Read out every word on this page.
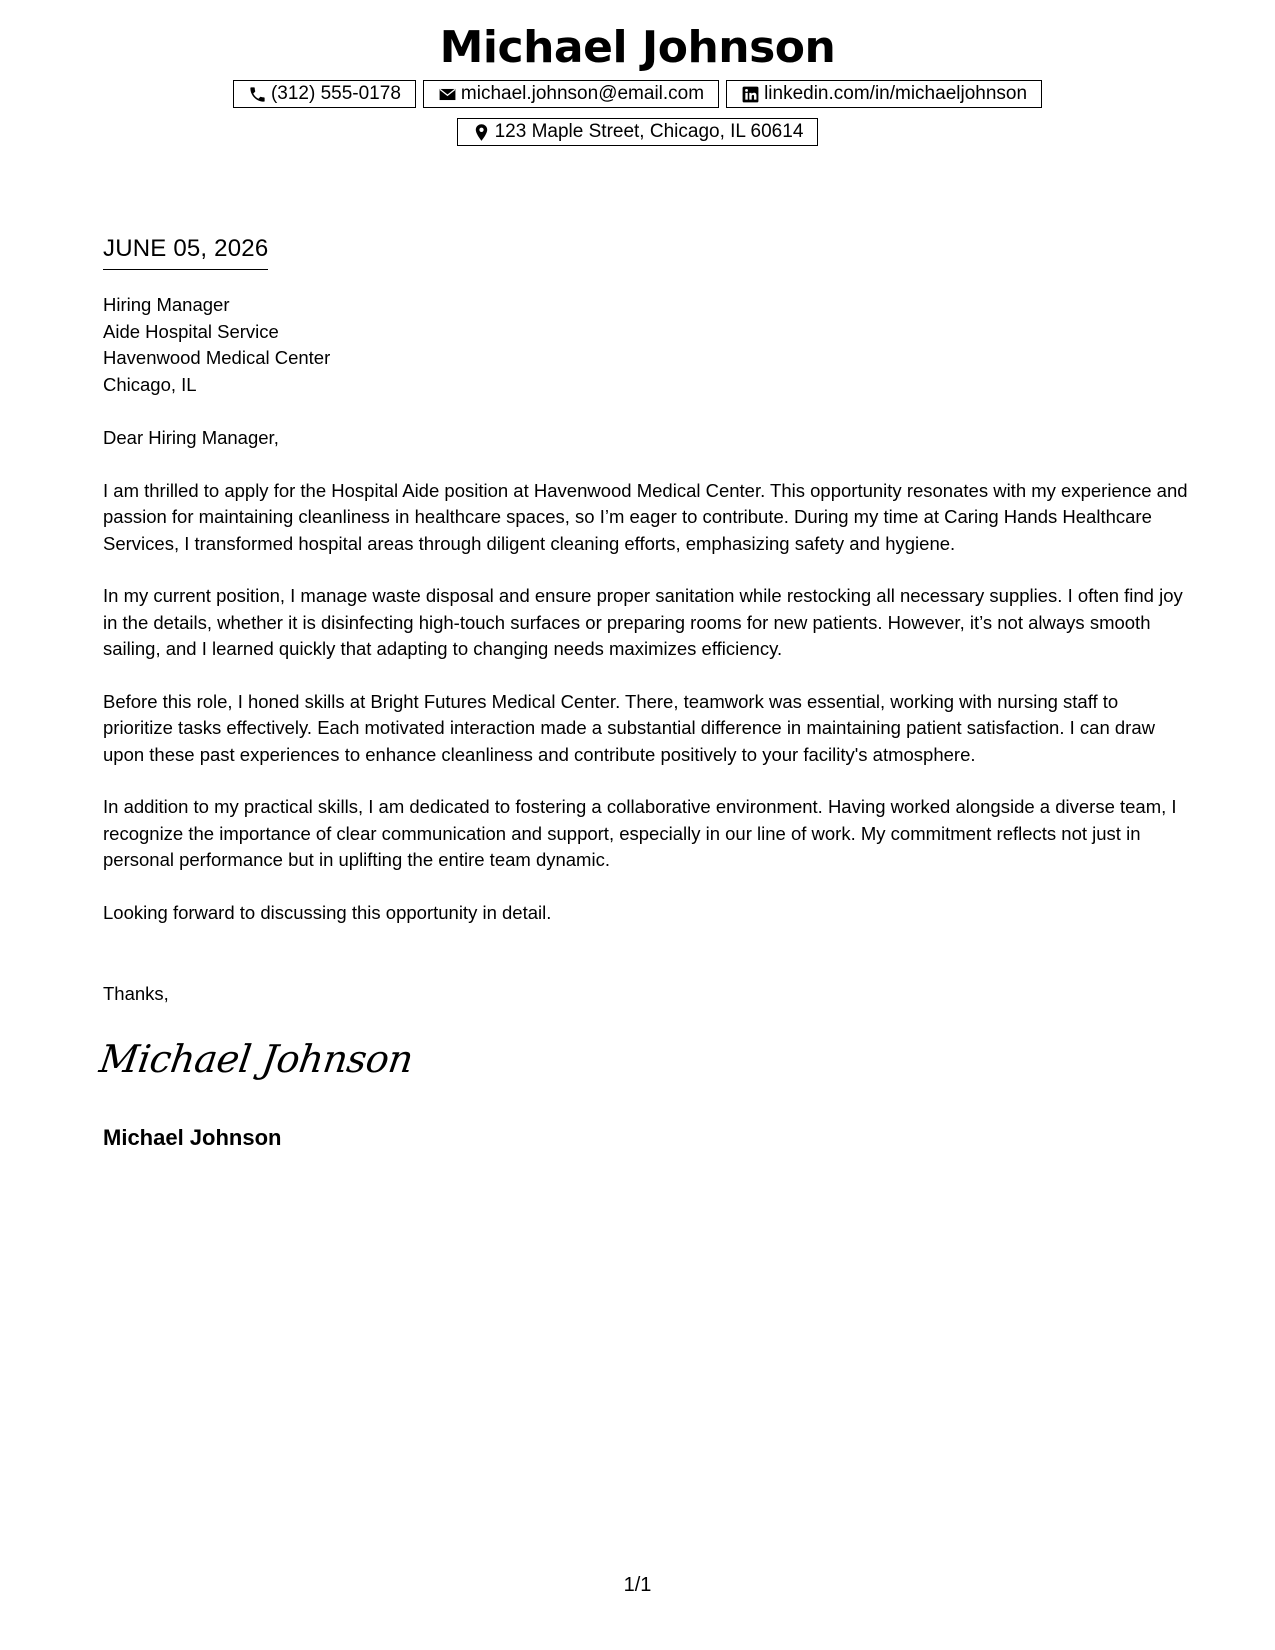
Michael Johnson
(312) 555-0178	michael.johnson@email.com	linkedin.com/in/michaeljohnson
123 Maple Street, Chicago, IL 60614
JUNE 05, 2026
Hiring Manager
Aide Hospital Service
Havenwood Medical Center
Chicago, IL
Dear Hiring Manager,

I am thrilled to apply for the Hospital Aide position at Havenwood Medical Center. This opportunity resonates with my experience and passion for maintaining cleanliness in healthcare spaces, so I’m eager to contribute. During my time at Caring Hands Healthcare Services, I transformed hospital areas through diligent cleaning efforts, emphasizing safety and hygiene.

In my current position, I manage waste disposal and ensure proper sanitation while restocking all necessary supplies. I often find joy in the details, whether it is disinfecting high-touch surfaces or preparing rooms for new patients. However, it’s not always smooth sailing, and I learned quickly that adapting to changing needs maximizes efficiency.

Before this role, I honed skills at Bright Futures Medical Center. There, teamwork was essential, working with nursing staff to prioritize tasks effectively. Each motivated interaction made a substantial difference in maintaining patient satisfaction. I can draw upon these past experiences to enhance cleanliness and contribute positively to your facility's atmosphere.

In addition to my practical skills, I am dedicated to fostering a collaborative environment. Having worked alongside a diverse team, I recognize the importance of clear communication and support, especially in our line of work. My commitment reflects not just in personal performance but in uplifting the entire team dynamic.

Looking forward to discussing this opportunity in detail.

Thanks,
Michael Johnson
Michael Johnson
1/1
